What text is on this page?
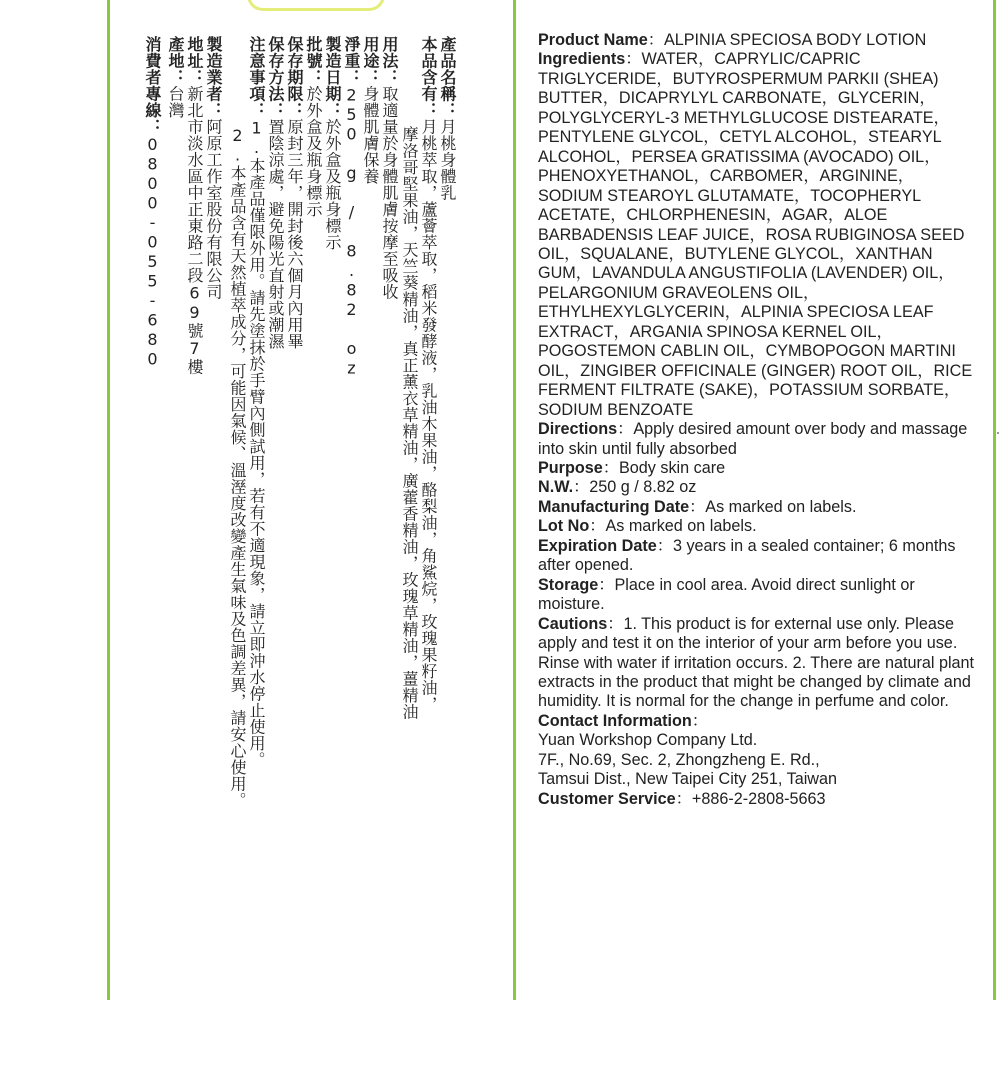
產品名稱：月桃身體乳
本品含有：月桃萃取，蘆薈萃取，稻米發酵液，乳油木果油，酪梨油，角鯊烷，玫瑰果籽油，
摩洛哥堅果油，天竺葵精油，真正薰衣草精油，廣藿香精油，玫瑰草精油，薑精油
用法：取適量於身體肌膚按摩至吸收
用途：身體肌膚保養
淨重：250 g / 8.82 oz
製造日期：於外盒及瓶身標示
批號：於外盒及瓶身標示
保存期限：原封三年，開封後六個月內用畢
保存方法：置陰涼處，避免陽光直射或潮濕
注意事項：1.本產品僅限外用。請先塗抹於手臂內側試用，若有不適現象，請立即沖水停止使用。
2.本產品含有天然植萃成分，可能因氣候、溫溼度改變產生氣味及色調差異，請安心使用。
製造業者：阿原工作室股份有限公司
地址：新北市淡水區中正東路二段69號7樓
產地：台灣
消費者專線：0800-055-680

Product Name：ALPINIA SPECIOSA BODY LOTION

Ingredients：WATER，CAPRYLIC/CAPRIC TRIGLYCERIDE，BUTYROSPERMUM PARKII (SHEA) BUTTER，DICAPRYLYL CARBONATE，GLYCERIN，POLYGLYCERYL-3 METHYLGLUCOSE DISTEARATE，PENTYLENE GLYCOL，CETYL ALCOHOL，STEARYL ALCOHOL，PERSEA GRATISSIMA (AVOCADO) OIL，PHENOXYETHANOL，CARBOMER，ARGININE，SODIUM STEAROYL GLUTAMATE，TOCOPHERYL ACETATE，CHLORPHENESIN，AGAR，ALOE BARBADENSIS LEAF JUICE，ROSA RUBIGINOSA SEED OIL，SQUALANE，BUTYLENE GLYCOL，XANTHAN GUM，LAVANDULA ANGUSTIFOLIA (LAVENDER) OIL，PELARGONIUM GRAVEOLENS OIL，ETHYLHEXYLGLYCERIN，ALPINIA SPECIOSA LEAF EXTRACT，ARGANIA SPINOSA KERNEL OIL，POGOSTEMON CABLIN OIL，CYMBOPOGON MARTINI OIL，ZINGIBER OFFICINALE (GINGER) ROOT OIL，RICE FERMENT FILTRATE (SAKE)，POTASSIUM SORBATE，SODIUM BENZOATE

Directions：Apply desired amount over body and massage into skin until fully absorbed

Purpose：Body skin care

N.W.：250 g / 8.82 oz

Manufacturing Date：As marked on labels.

Lot No：As marked on labels.

Expiration Date：3 years in a sealed container; 6 months after opened.

Storage：Place in cool area. Avoid direct sunlight or moisture.

Cautions：1. This product is for external use only. Please apply and test it on the interior of your arm before you use. Rinse with water if irritation occurs. 2. There are natural plant extracts in the product that might be changed by climate and humidity. It is normal for the change in perfume and color.

Contact Information：
Yuan Workshop Company Ltd.
7F., No.69, Sec. 2, Zhongzheng E. Rd.,
Tamsui Dist., New Taipei City 251, Taiwan

Customer Service：+886-2-2808-5663
